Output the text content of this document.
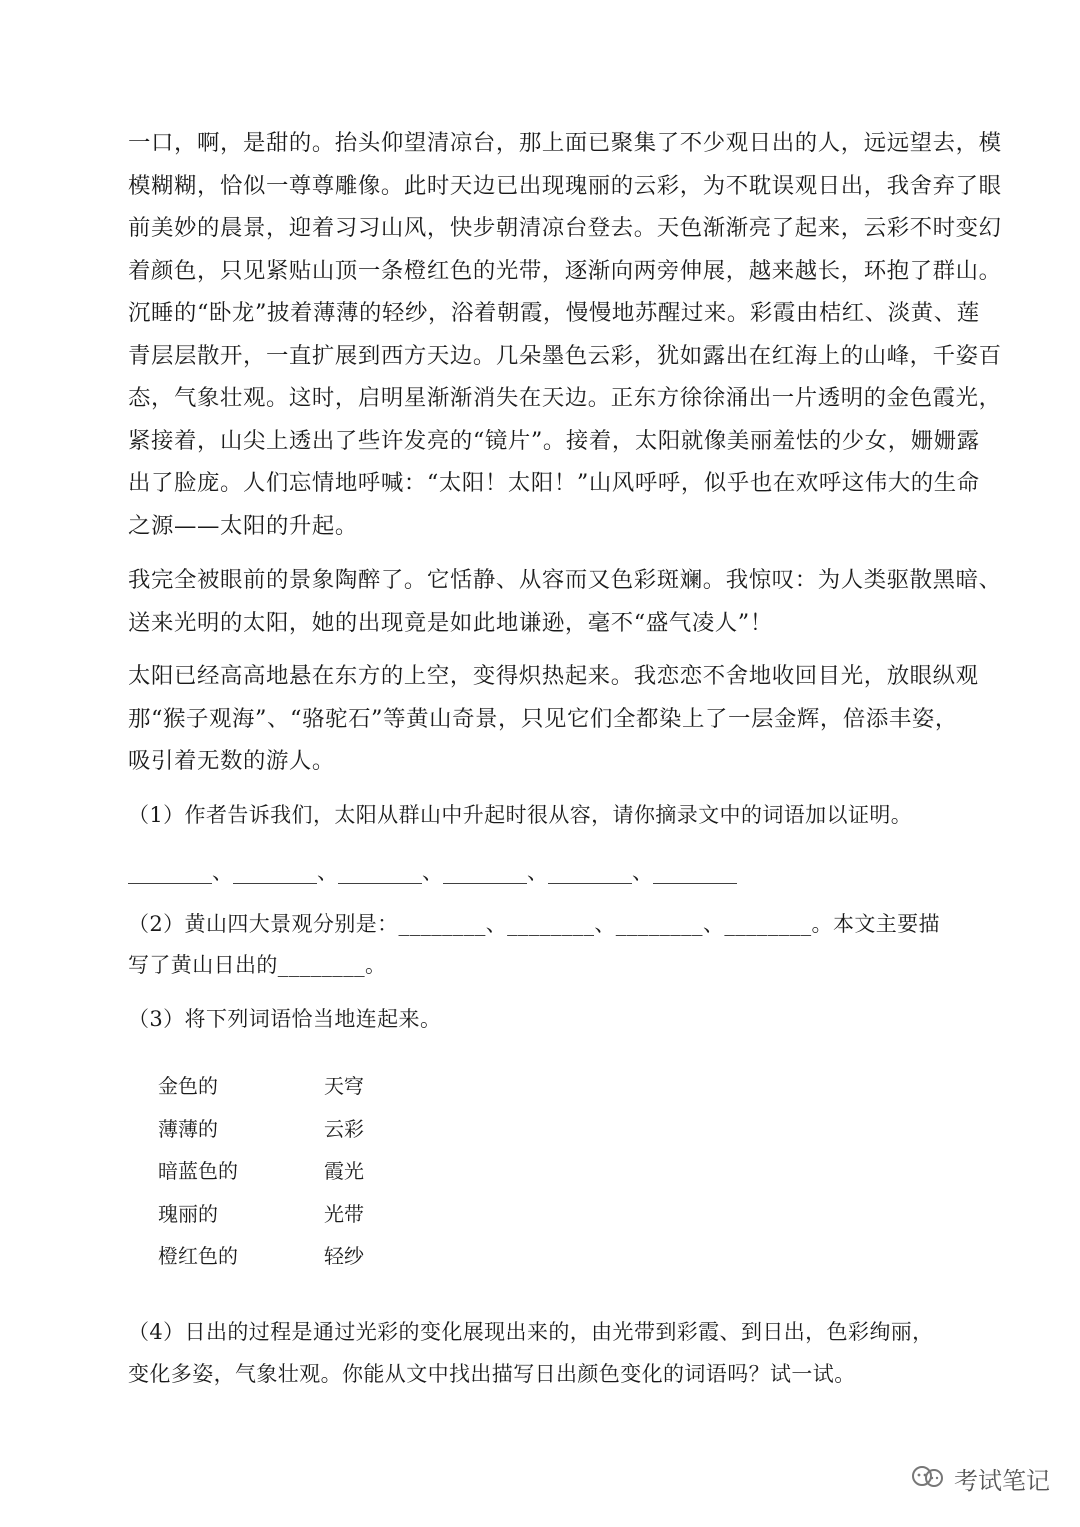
一口，啊，是甜的。抬头仰望清凉台，那上面已聚集了不少观日出的人，远远望去，模
模糊糊，恰似一尊尊雕像。此时天边已出现瑰丽的云彩，为不耽误观日出，我舍弃了眼
前美妙的晨景，迎着习习山风，快步朝清凉台登去。天色渐渐亮了起来，云彩不时变幻
着颜色，只见紧贴山顶一条橙红色的光带，逐渐向两旁伸展，越来越长，环抱了群山。
沉睡的“卧龙”披着薄薄的轻纱，浴着朝霞，慢慢地苏醒过来。彩霞由桔红、淡黄、莲
青层层散开，一直扩展到西方天边。几朵墨色云彩，犹如露出在红海上的山峰，千姿百
态，气象壮观。这时，启明星渐渐消失在天边。正东方徐徐涌出一片透明的金色霞光，
紧接着，山尖上透出了些许发亮的“镜片”。接着，太阳就像美丽羞怯的少女，姗姗露
出了脸庞。人们忘情地呼喊：“太阳！太阳！”山风呼呼，似乎也在欢呼这伟大的生命
之源——太阳的升起。
我完全被眼前的景象陶醉了。它恬静、从容而又色彩斑斓。我惊叹：为人类驱散黑暗、
送来光明的太阳，她的出现竟是如此地谦逊，毫不“盛气凌人”！
太阳已经高高地悬在东方的上空，变得炽热起来。我恋恋不舍地收回目光，放眼纵观
那“猴子观海”、“骆驼石”等黄山奇景，只见它们全都染上了一层金辉，倍添丰姿，
吸引着无数的游人。

（1）作者告诉我们，太阳从群山中升起时很从容，请你摘录文中的词语加以证明。

________、________、________、________、________、________

（2）黄山四大景观分别是：________、________、________、________。本文主要描

写了黄山日出的________。

（3）将下列词语恰当地连起来。

金色的	天穹
薄薄的	云彩
暗蓝色的	霞光
瑰丽的	光带
橙红色的	轻纱

（4）日出的过程是通过光彩的变化展现出来的，由光带到彩霞、到日出，色彩绚丽，

变化多姿，气象壮观。你能从文中找出描写日出颜色变化的词语吗？试一试。

考试笔记
